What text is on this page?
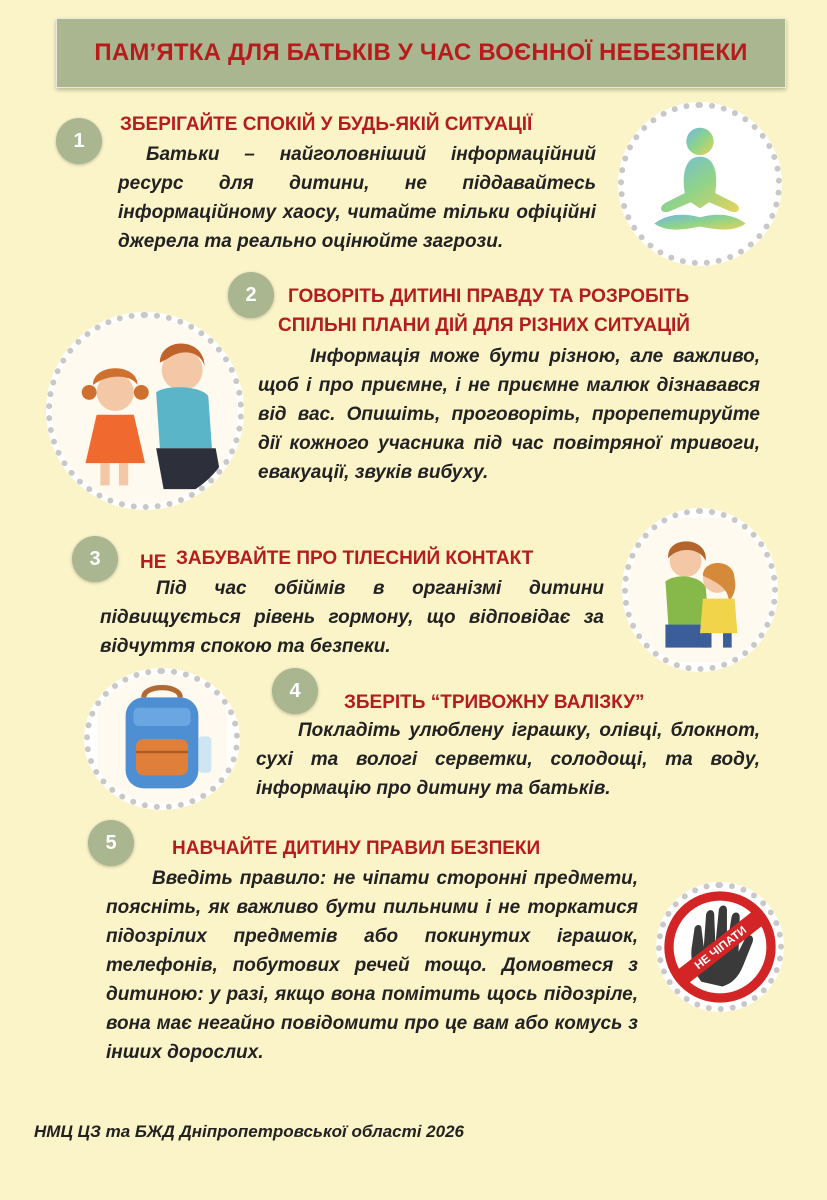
ПАМ’ЯТКА ДЛЯ БАТЬКІВ У ЧАС ВОЄННОЇ НЕБЕЗПЕКИ
1
ЗБЕРІГАЙТЕ СПОКІЙ У БУДЬ-ЯКІЙ СИТУАЦІЇ
Батьки – найголовніший інформаційний ресурс для дитини, не піддавайтесь інформаційному хаосу, читайте тільки офіційні джерела та реально оцінюйте загрози.
2	ГОВОРІТЬ ДИТИНІ ПРАВДУ ТА РОЗРОБІТЬ
СПІЛЬНІ ПЛАНИ ДІЙ ДЛЯ РІЗНИХ СИТУАЦІЙ
Інформація може бути різною, але важливо, щоб і про приємне, і не приємне малюк дізнавався від вас. Опишіть, проговоріть, прорепетируйте дії кожного учасника під час повітряної тривоги, евакуації, звуків вибуху.
3	НЕ ЗАБУВАЙТЕ ПРО ТІЛЕСНИЙ КОНТАКТ
Під час обіймів в організмі дитини підвищується рівень гормону, що відповідає за відчуття спокою та безпеки.
4
ЗБЕРІТЬ “ТРИВОЖНУ ВАЛІЗКУ”
Покладіть улюблену іграшку, олівці, блокнот, сухі та вологі серветки, солодощі, та воду, інформацію про дитину та батьків.
5	НАВЧАЙТЕ ДИТИНУ ПРАВИЛ БЕЗПЕКИ
Введіть правило: не чіпати сторонні предмети, поясніть, як важливо бути пильними і не торкатися підозрілих предметів або покинутих іграшок, телефонів, побутових речей тощо. Домовтеся з дитиною: у разі, якщо вона помітить щось підозріле, вона має негайно повідомити про це вам або комусь з інших дорослих.
НЕ ЧІПАТИ
НМЦ ЦЗ та БЖД Дніпропетровської області 2026
